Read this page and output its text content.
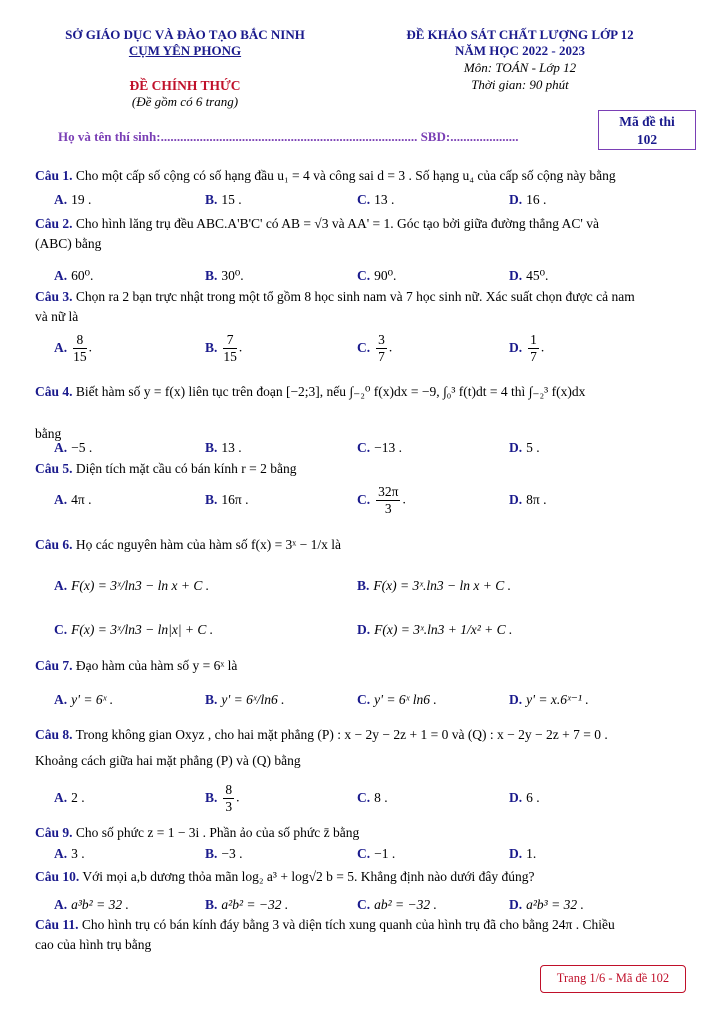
SỞ GIÁO DỤC VÀ ĐÀO TẠO BẮC NINH
CỤM YÊN PHONG
ĐỀ CHÍNH THỨC
(Đề gồm có 6 trang)
ĐỀ KHẢO SÁT CHẤT LƯỢNG LỚP 12
NĂM HỌC 2022 - 2023
Môn: TOÁN - Lớp 12
Thời gian: 90 phút
Mã đề thi
102
Họ và tên thí sinh:............................................................................... SBD:.....................
Câu 1. Cho một cấp số cộng có số hạng đầu u₁ = 4 và công sai d = 3 . Số hạng u₄ của cấp số cộng này bằng
A. 19 .	B. 15 .	C. 13 .	D. 16 .
Câu 2. Cho hình lăng trụ đều ABC.A'B'C' có AB = √3 và AA' = 1. Góc tạo bởi giữa đường thẳng AC' và
(ABC) bằng
A. 60⁰.	B. 30⁰.	C. 90⁰.	D. 45⁰.
Câu 3. Chọn ra 2 bạn trực nhật trong một tổ gồm 8 học sinh nam và 7 học sinh nữ. Xác suất chọn được cả nam
và nữ là
A. $\frac{8}{15}$ .	B. $\frac{7}{15}$ .	C. $\frac{3}{7}$ .	D. $\frac{1}{7}$ .
Câu 4. Biết hàm số y = f(x) liên tục trên đoạn [−2;3], nếu ∫₋₂⁰ f(x)dx = −9, ∫₀³ f(t)dt = 4 thì ∫₋₂³ f(x)dx
bằng
A. −5 .	B. 13 .	C. −13 .	D. 5 .
Câu 5. Diện tích mặt cầu có bán kính r = 2 bằng
A. 4π .	B. 16π .	C. $\frac{32\pi}{3}$ .	D. 8π .
Câu 6. Họ các nguyên hàm của hàm số f(x) = 3ˣ − 1/x là
A. F(x) = 3ˣ/ln3 − ln x + C .	B. F(x) = 3ˣ.ln3 − ln x + C .
C. F(x) = 3ˣ/ln3 − ln|x| + C .	D. F(x) = 3ˣ.ln3 + 1/x² + C .
Câu 7. Đạo hàm của hàm số y = 6ˣ là
A. y' = 6ˣ .	B. y' = 6ˣ/ln6 .	C. y' = 6ˣ ln6 .	D. y' = x.6ˣ⁻¹ .
Câu 8. Trong không gian Oxyz , cho hai mặt phẳng (P) : x − 2y − 2z + 1 = 0 và (Q) : x − 2y − 2z + 7 = 0 .
Khoảng cách giữa hai mặt phẳng (P) và (Q) bằng
A. 2 .	B. $\frac{8}{3}$ .	C. 8 .	D. 6 .
Câu 9. Cho số phức z = 1 − 3i . Phần ảo của số phức z̄ bằng
A. 3 .	B. −3 .	C. −1 .	D. 1.
Câu 10. Với mọi a,b dương thỏa mãn log₂ a³ + log√2 b = 5. Khẳng định nào dưới đây đúng?
A. a³b² = 32 .	B. a²b² = −32 .	C. ab² = −32 .	D. a²b³ = 32 .
Câu 11. Cho hình trụ có bán kính đáy bằng 3 và diện tích xung quanh của hình trụ đã cho bằng 24π . Chiều
cao của hình trụ bằng
Trang 1/6 - Mã đề 102
